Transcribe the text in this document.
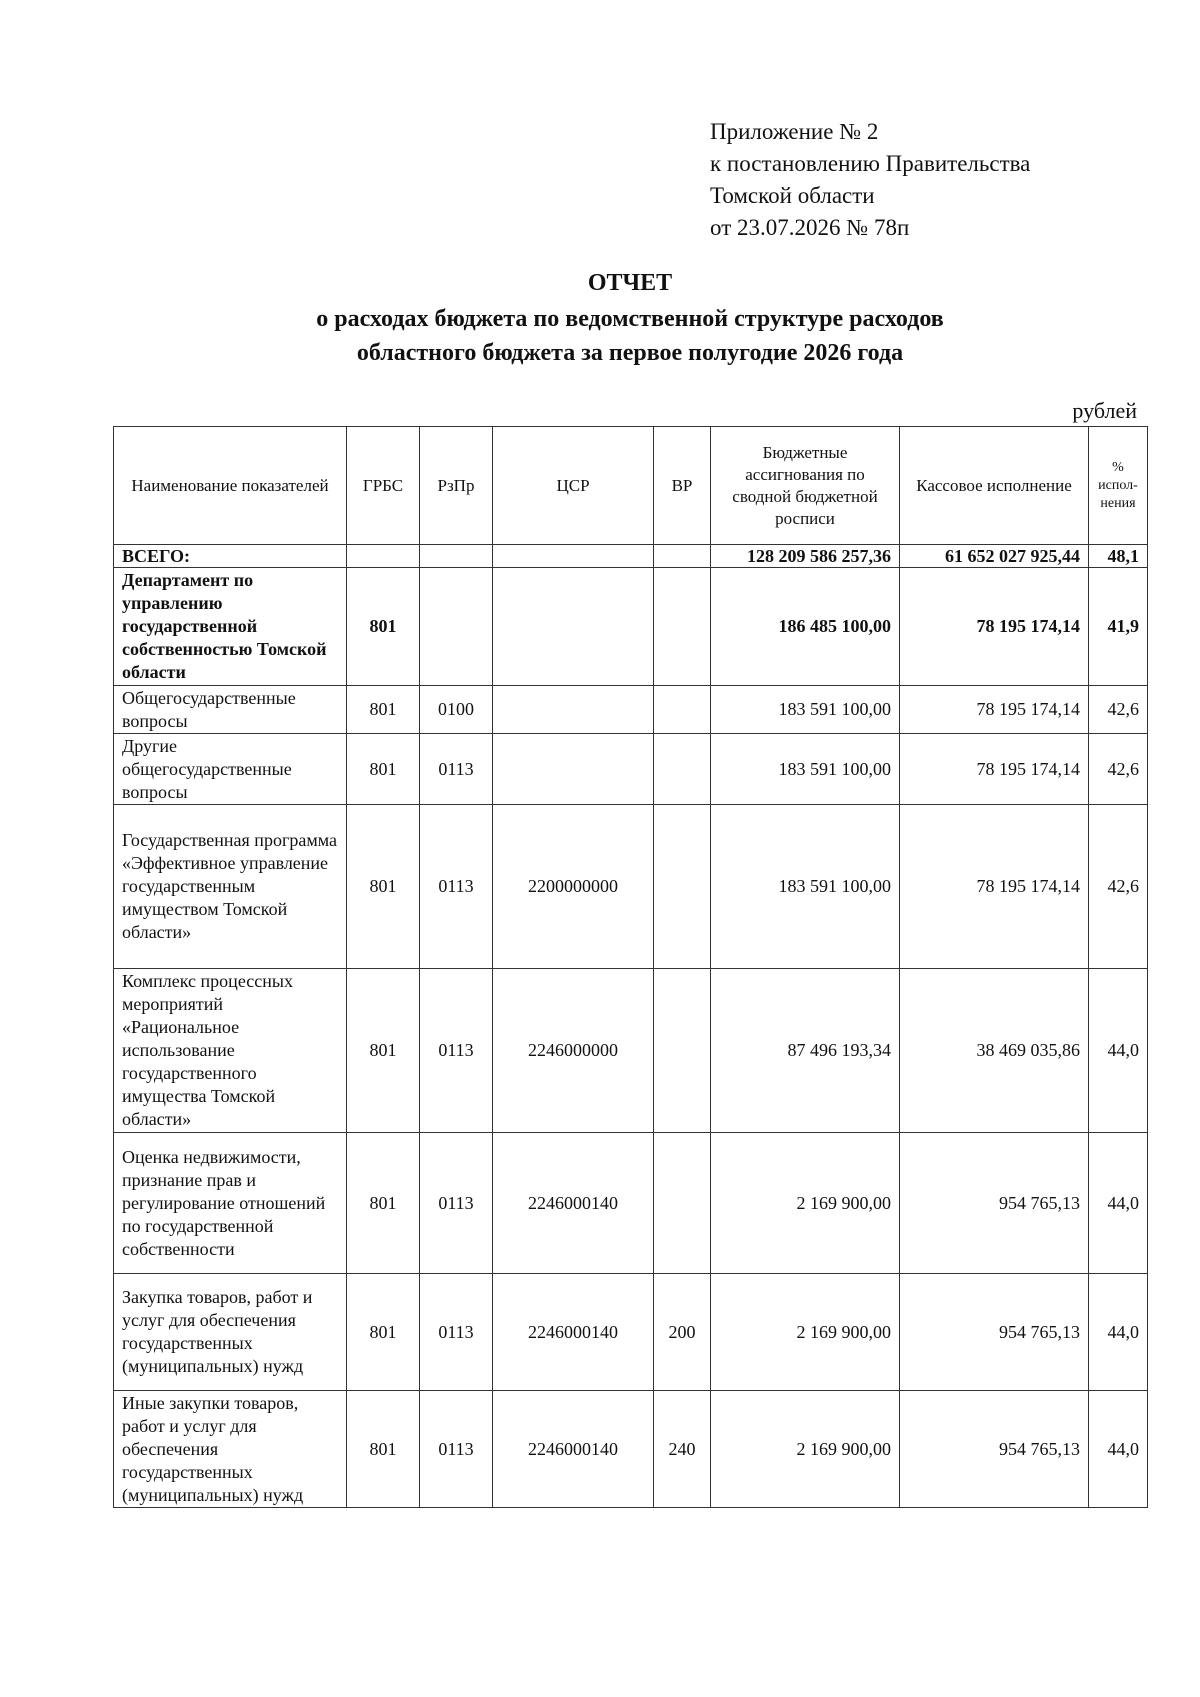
Приложение № 2
к постановлению Правительства
Томской области
от 23.07.2026 № 78п
ОТЧЕТ
о расходах бюджета по ведомственной структуре расходов
областного бюджета за первое полугодие 2026 года
рублей
Наименование показателей	ГРБС	РзПр	ЦСР	ВР	Бюджетные ассигнования по сводной бюджетной росписи	Кассовое исполнение	% испол-нения
ВСЕГО:					128 209 586 257,36	61 652 027 925,44	48,1
Департамент по управлению государственной собственностью Томской области	801				186 485 100,00	78 195 174,14	41,9
Общегосударственные вопросы	801	0100			183 591 100,00	78 195 174,14	42,6
Другие общегосударственные вопросы	801	0113			183 591 100,00	78 195 174,14	42,6
Государственная программа «Эффективное управление государственным имуществом Томской области»	801	0113	2200000000		183 591 100,00	78 195 174,14	42,6
Комплекс процессных мероприятий «Рациональное использование государственного имущества Томской области»	801	0113	2246000000		87 496 193,34	38 469 035,86	44,0
Оценка недвижимости, признание прав и регулирование отношений по государственной собственности	801	0113	2246000140		2 169 900,00	954 765,13	44,0
Закупка товаров, работ и услуг для обеспечения государственных (муниципальных) нужд	801	0113	2246000140	200	2 169 900,00	954 765,13	44,0
Иные закупки товаров, работ и услуг для обеспечения государственных (муниципальных) нужд	801	0113	2246000140	240	2 169 900,00	954 765,13	44,0
